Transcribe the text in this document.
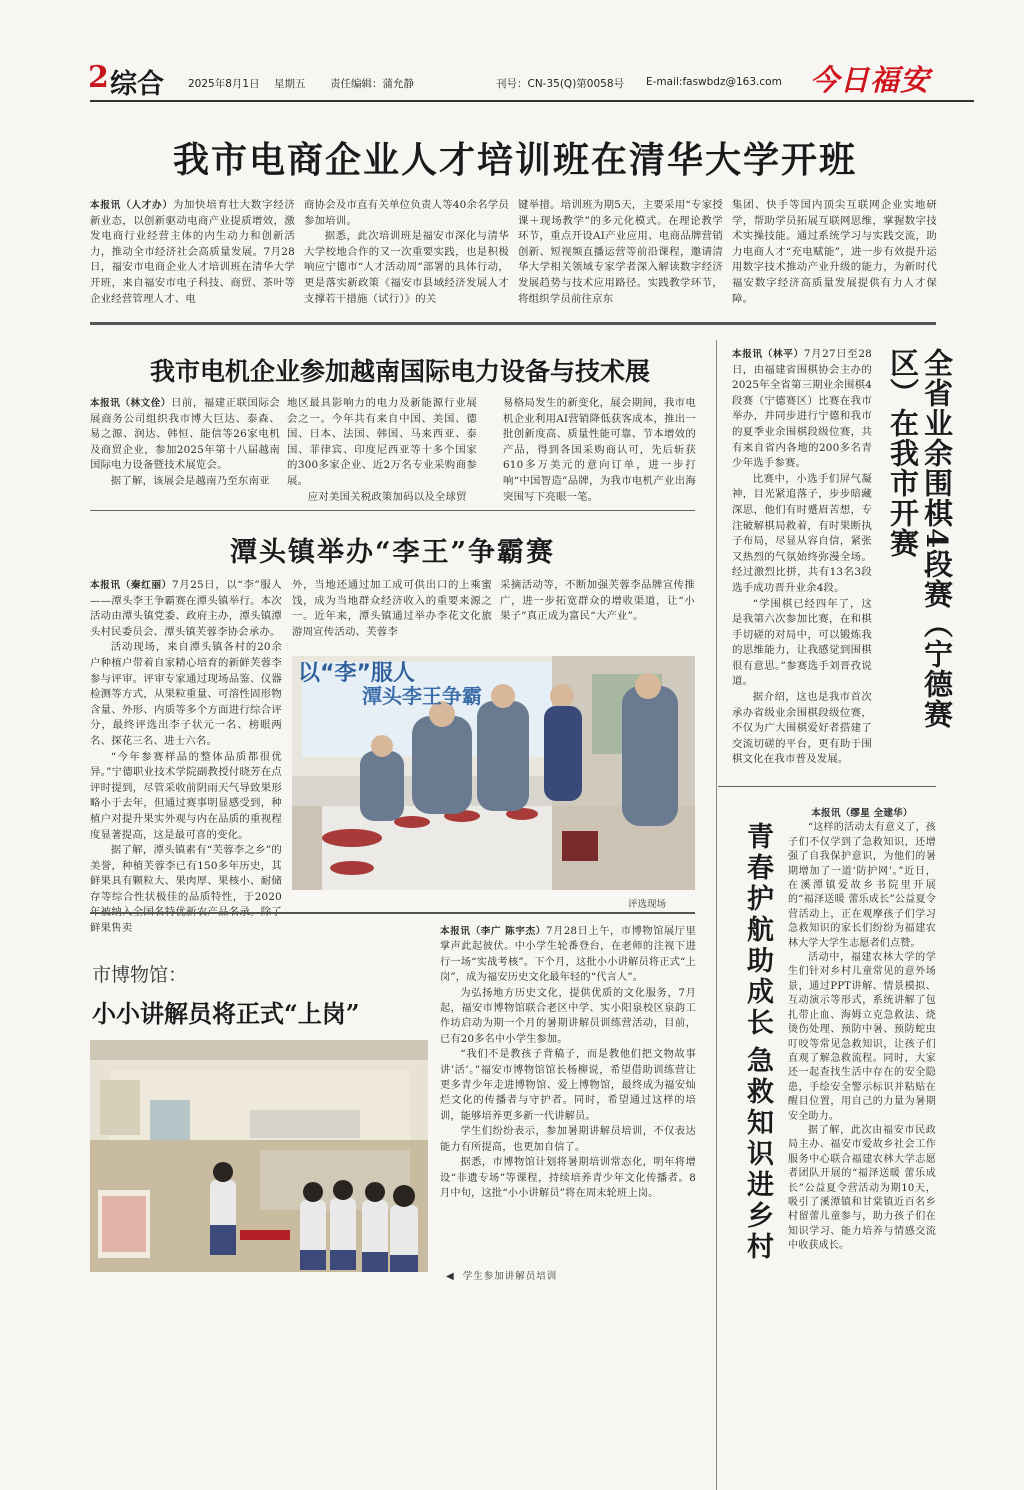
2 综合 2025年8月1日 星期五 责任编辑：蒲允静	刊号：CN-35(Q)第0058号 E-mail:faswbdz@163.com 今日福安
我市电商企业人才培训班在清华大学开班

本报讯（人才办）为加快培育壮大数字经济新业态，以创新驱动电商产业提质增效，激发电商行业经营主体的内生动力和创新活力，推动全市经济社会高质量发展。7月28日，福安市电商企业人才培训班在清华大学开班，来自福安市电子科技、商贸、茶叶等企业经营管理人才、电

商协会及市直有关单位负责人等40余名学员参加培训。

据悉，此次培训班是福安市深化与清华大学校地合作的又一次重要实践，也是积极响应宁德市“人才活动周”部署的具体行动，更是落实新政策《福安市县域经济发展人才支撑若干措施（试行）》的关

键举措。培训班为期5天，主要采用“专家授课＋现场教学”的多元化模式。在理论教学环节，重点开设AI产业应用、电商品牌营销创新、短视频直播运营等前沿课程，邀请清华大学相关领域专家学者深入解读数字经济发展趋势与技术应用路径。实践教学环节，将组织学员前往京东

集团、快手等国内顶尖互联网企业实地研学，帮助学员拓展互联网思维，掌握数字技术实操技能。通过系统学习与实践交流，助力电商人才“充电赋能”，进一步有效提升运用数字技术推动产业升级的能力，为新时代福安数字经济高质量发展提供有力人才保障。

我市电机企业参加越南国际电力设备与技术展

本报讯（林文佺）日前，福建正联国际会展商务公司组织我市博大巨达、泰森、易之源、润达、韩恒、能信等26家电机及商贸企业，参加2025年第十八届越南国际电力设备暨技术展览会。

据了解，该展会是越南乃至东南亚

地区最具影响力的电力及新能源行业展会之一。今年共有来自中国、美国、德国、日本、法国、韩国、马来西亚、泰国、菲律宾、印度尼西亚等十多个国家的300多家企业、近2万名专业采购商参展。

应对美国关税政策加码以及全球贸

易格局发生的新变化，展会期间，我市电机企业利用AI营销降低获客成本，推出一批创新度高、质量性能可靠、节本增效的产品，得到各国采购商认可，先后斩获610多万美元的意向订单，进一步打响“中国智造”品牌，为我市电机产业出海突围写下亮眼一笔。

潭头镇举办“李王”争霸赛

本报讯（秦红丽）7月25日，以“李”服人——潭头李王争霸赛在潭头镇举行。本次活动由潭头镇党委、政府主办，潭头镇潭头村民委员会、潭头镇芙蓉李协会承办。

活动现场，来自潭头镇各村的20余户种植户带着自家精心培育的新鲜芙蓉李参与评审。评审专家通过现场品鉴、仪器检测等方式，从果粒重量、可溶性固形物含量、外形、内质等多个方面进行综合评分，最终评选出李子状元一名、榜眼两名、探花三名、进士六名。

“今年参赛样品的整体品质都很优异。”宁德职业技术学院副教授付晓芳在点评时提到，尽管采收前阴雨天气导致果形略小于去年，但通过赛事明显感受到，种植户对提升果实外观与内在品质的重视程度显著提高，这是最可喜的变化。

据了解，潭头镇素有“芙蓉李之乡”的美誉，种植芙蓉李已有150多年历史，其鲜果具有颗粒大、果肉厚、果核小、耐储存等综合性状极佳的品质特性，于2020 鲜果售卖

外，当地还通过加工成可供出口的上乘蜜饯，成为当地群众经济收入的重要来源之一。近年来，潭头镇通过举办李花文化旅游周宣传活动、芙蓉李

采摘活动等，不断加强芙蓉李品牌宣传推广，进一步拓宽群众的增收渠道，让“小果子”真正成为富民“大产业”。

以“李”服人
潭头李王争霸
评选现场

本报讯（林平）7月27日至28日，由福建省围棋协会主办的2025年全省第三期业余围棋4段赛（宁德赛区）比赛在我市举办，并同步进行宁德和我市的夏季业余围棋段级位赛，共有来自省内各地的200多名青少年选手参赛。

比赛中，小选手们屏气凝神，目光紧追落子，步步暗藏深思，他们有时蹙眉苦想，专注破解棋局救着，有时果断执子布局，尽显从容自信，紧张又热烈的气氛始终弥漫全场。经过激烈比拼，共有13名3段选手成功晋升业余4段。

“学围棋已经四年了，这是我第六次参加比赛，在和棋手切磋的对局中，可以锻炼我的思维能力，让我感觉到围棋很有意思。”参赛选手刘晋孜说道。

据介绍，这也是我市首次承办省级业余围棋段级位赛，不仅为广大围棋爱好者搭建了交流切磋的平台，更有助于围棋文化在我市普及发展。

全省业余围棋4段赛（宁德赛区）在我市开赛
青春护航助成长
急救知识进乡村

本报讯（缪星 全建华）

“这样的活动太有意义了，孩子们不仅学到了急救知识，还增强了自我保护意识，为他们的暑期增加了一道‘防护网’。”近日，在溪潭镇爱故乡书院里开展的“福泽送暖 蕾乐成长”公益夏令营活动上，正在观摩孩子们学习急救知识的家长们纷纷为福建农林大学大学生志愿者们点赞。

活动中，福建农林大学的学生们针对乡村儿童常见的意外场景，通过PPT讲解、情景模拟、互动演示等形式，系统讲解了包扎带止血、海姆立克急救法、烧烫伤处理、预防中暑、预防蛇虫叮咬等常见急救知识，让孩子们直观了解急救流程。同时，大家还一起查找生活中存在的安全隐患，手绘安全警示标识并粘贴在醒目位置，用自己的力量为暑期安全助力。

据了解，此次由福安市民政局主办、福安市爱故乡社会工作服务中心联合福建农林大学志愿者团队开展的“福泽送暖 蕾乐成长”公益夏令营活动为期10天，吸引了溪潭镇和甘棠镇近百名乡村留蕾儿童参与，助力孩子们在知识学习、能力培养与情感交流中收获成长。

市博物馆：
小小讲解员将正式“上岗”

本报讯（李广 陈宇杰）7月28日上午，市博物馆展厅里掌声此起彼伏。中小学生轮番登台，在老师的注视下进行一场“实战考核”。下个月，这批小小讲解员将正式“上岗”，成为福安历史文化最年轻的“代言人”。

为弘扬地方历史文化，提供优质的文化服务，7月起，福安市博物馆联合老区中学、实小阳泉校区泉韵工作坊启动为期一个月的暑期讲解员训练营活动，目前，已有20多名中小学生参加。

“我们不是教孩子背稿子，而是教他们把文物故事讲‘活’。”福安市博物馆馆长杨柳说，希望借助训练营让更多青少年走进博物馆、爱上博物馆，最终成为福安灿烂文化的传播者与守护者。同时，希望通过这样的培训，能够培养更多新一代讲解员。

学生们纷纷表示，参加暑期讲解员培训，不仅表达能力有所提高，也更加自信了。

据悉，市博物馆计划将暑期培训常态化，明年将增设“非遗专场”等课程，持续培养青少年文化传播者。8月中旬，这批“小小讲解员”将在周末轮班上岗。

◀ 学生参加讲解员培训
